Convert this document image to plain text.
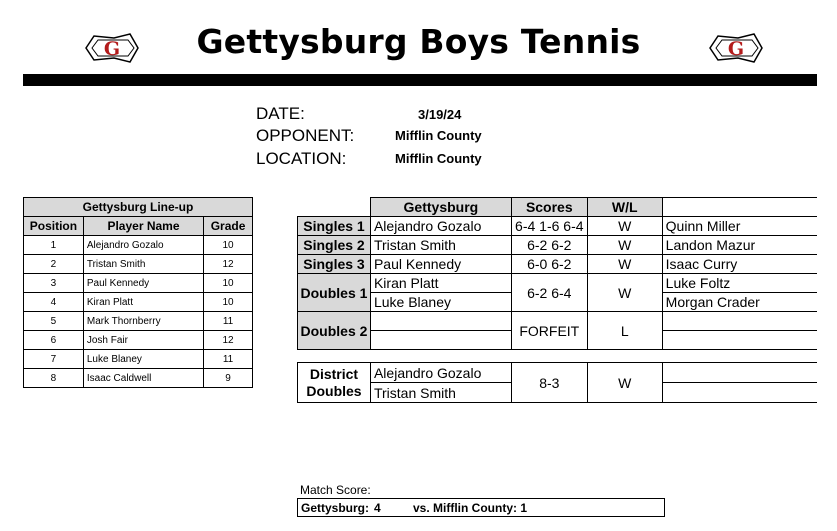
G	Gettysburg Boys Tennis	G
DATE:	3/19/24
OPPONENT:	Mifflin County
LOCATION:	Mifflin County
Gettysburg Line-up		
Position	Player Name	Grade
1	Alejandro Gozalo	10
2	Tristan Smith	12
3	Paul Kennedy	10
4	Kiran Platt	10
5	Mark Thornberry	11
6	Josh Fair	12
7	Luke Blaney	11
8	Isaac Caldwell	9
	Gettysburg	Scores	W/L	
Singles 1	Alejandro Gozalo	6-4 1-6 6-4	W	Quinn Miller
Singles 2	Tristan Smith	6-2 6-2	W	Landon Mazur
Singles 3	Paul Kennedy	6-0 6-2	W	Isaac Curry
Doubles 1	Kiran Platt	6-2 6-4	W	Luke Foltz
	Luke Blaney			Morgan Crader
Doubles 2		FORFEIT	L	

District
Doubles	Alejandro Gozalo	8-3	W	
	Tristan Smith			
Match Score:
Gettysburg: 4	vs. Mifflin County: 1
